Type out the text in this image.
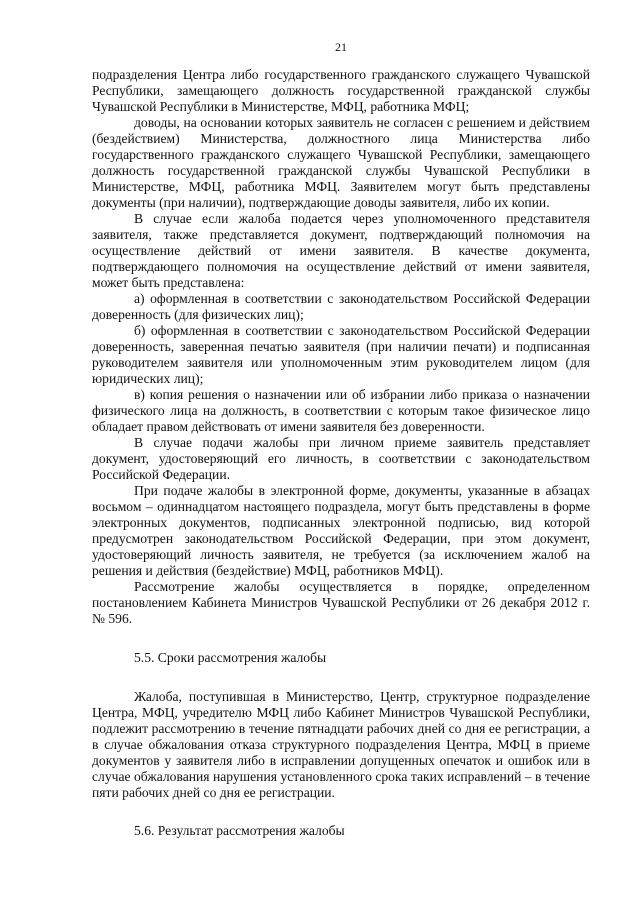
21

подразделения Центра либо государственного гражданского служащего Чувашской Республики, замещающего должность государственной гражданской службы Чувашской Республики в Министерстве, МФЦ, работника МФЦ;

доводы, на основании которых заявитель не согласен с решением и действием (бездействием) Министерства, должностного лица Министерства либо государственного гражданского служащего Чувашской Республики, замещающего должность государственной гражданской службы Чувашской Республики в Министерстве, МФЦ, работника МФЦ. Заявителем могут быть представлены документы (при наличии), подтверждающие доводы заявителя, либо их копии.

В случае если жалоба подается через уполномоченного представителя заявителя, также представляется документ, подтверждающий полномочия на осуществление действий от имени заявителя. В качестве документа, подтверждающего полномочия на осуществление действий от имени заявителя, может быть представлена:

а) оформленная в соответствии с законодательством Российской Федерации доверенность (для физических лиц);

б) оформленная в соответствии с законодательством Российской Федерации доверенность, заверенная печатью заявителя (при наличии печати) и подписанная руководителем заявителя или уполномоченным этим руководителем лицом (для юридических лиц);

в) копия решения о назначении или об избрании либо приказа о назначении физического лица на должность, в соответствии с которым такое физическое лицо обладает правом действовать от имени заявителя без доверенности.

В случае подачи жалобы при личном приеме заявитель представляет документ, удостоверяющий его личность, в соответствии с законодательством Российской Федерации.

При подаче жалобы в электронной форме, документы, указанные в абзацах восьмом – одиннадцатом настоящего подраздела, могут быть представлены в форме электронных документов, подписанных электронной подписью, вид которой предусмотрен законодательством Российской Федерации, при этом документ, удостоверяющий личность заявителя, не требуется (за исключением жалоб на решения и действия (бездействие) МФЦ, работников МФЦ).

Рассмотрение жалобы осуществляется в порядке, определенном постановлением Кабинета Министров Чувашской Республики от 26 декабря 2012 г. № 596.

5.5. Сроки рассмотрения жалобы

Жалоба, поступившая в Министерство, Центр, структурное подразделение Центра, МФЦ, учредителю МФЦ либо Кабинет Министров Чувашской Республики, подлежит рассмотрению в течение пятнадцати рабочих дней со дня ее регистрации, а в случае обжалования отказа структурного подразделения Центра, МФЦ в приеме документов у заявителя либо в исправлении допущенных опечаток и ошибок или в случае обжалования нарушения установленного срока таких исправлений – в течение пяти рабочих дней со дня ее регистрации.

5.6. Результат рассмотрения жалобы
